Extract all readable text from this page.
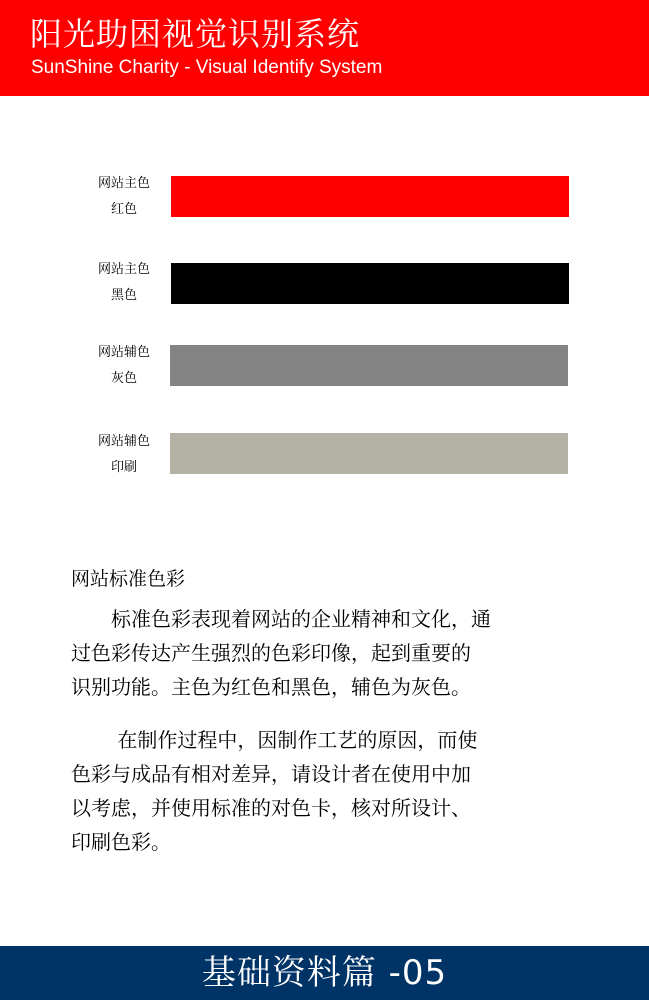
阳光助困视觉识别系统
SunShine Charity - Visual Identify System
网站主色
红色
网站主色
黑色
网站辅色
灰色
网站辅色
印刷
网站标准色彩
　　标准色彩表现着网站的企业精神和文化，通
过色彩传达产生强烈的色彩印像，起到重要的
识别功能。主色为红色和黑色，辅色为灰色。
　　 在制作过程中，因制作工艺的原因，而使
色彩与成品有相对差异，请设计者在使用中加
以考虑，并使用标准的对色卡，核对所设计、
印刷色彩。
基础资料篇 -05
